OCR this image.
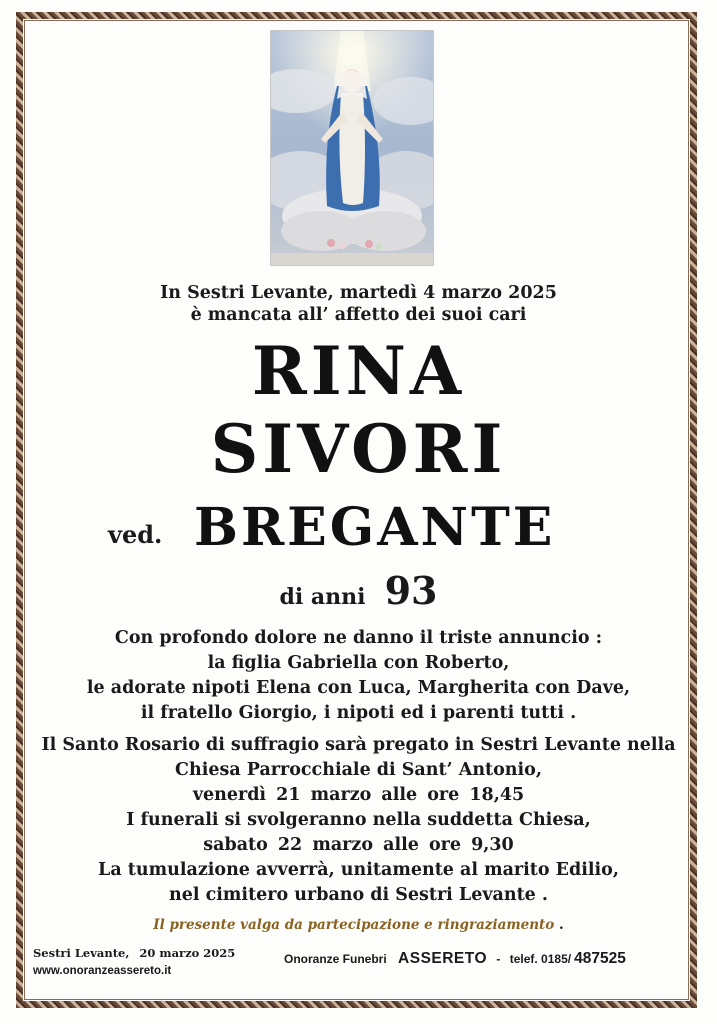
In Sestri Levante, martedì 4 marzo 2025
è mancata all’ affetto dei suoi cari
RINA
SIVORI
ved. BREGANTE
di anni 93
Con profondo dolore ne danno il triste annuncio :
la figlia Gabriella con Roberto,
le adorate nipoti Elena con Luca, Margherita con Dave,
il fratello Giorgio, i nipoti ed i parenti tutti .
Il Santo Rosario di suffragio sarà pregato in Sestri Levante nella
Chiesa Parrocchiale di Sant’ Antonio,
venerdì 21 marzo alle ore 18,45
I funerali si svolgeranno nella suddetta Chiesa,
sabato 22 marzo alle ore 9,30
La tumulazione avverrà, unitamente al marito Edilio,
nel cimitero urbano di Sestri Levante .
Il presente valga da partecipazione e ringraziamento .
Sestri Levante, 20 marzo 2025
www.onoranzeassereto.it
Onoranze Funebri ASSERETO - telef. 0185/ 487525
